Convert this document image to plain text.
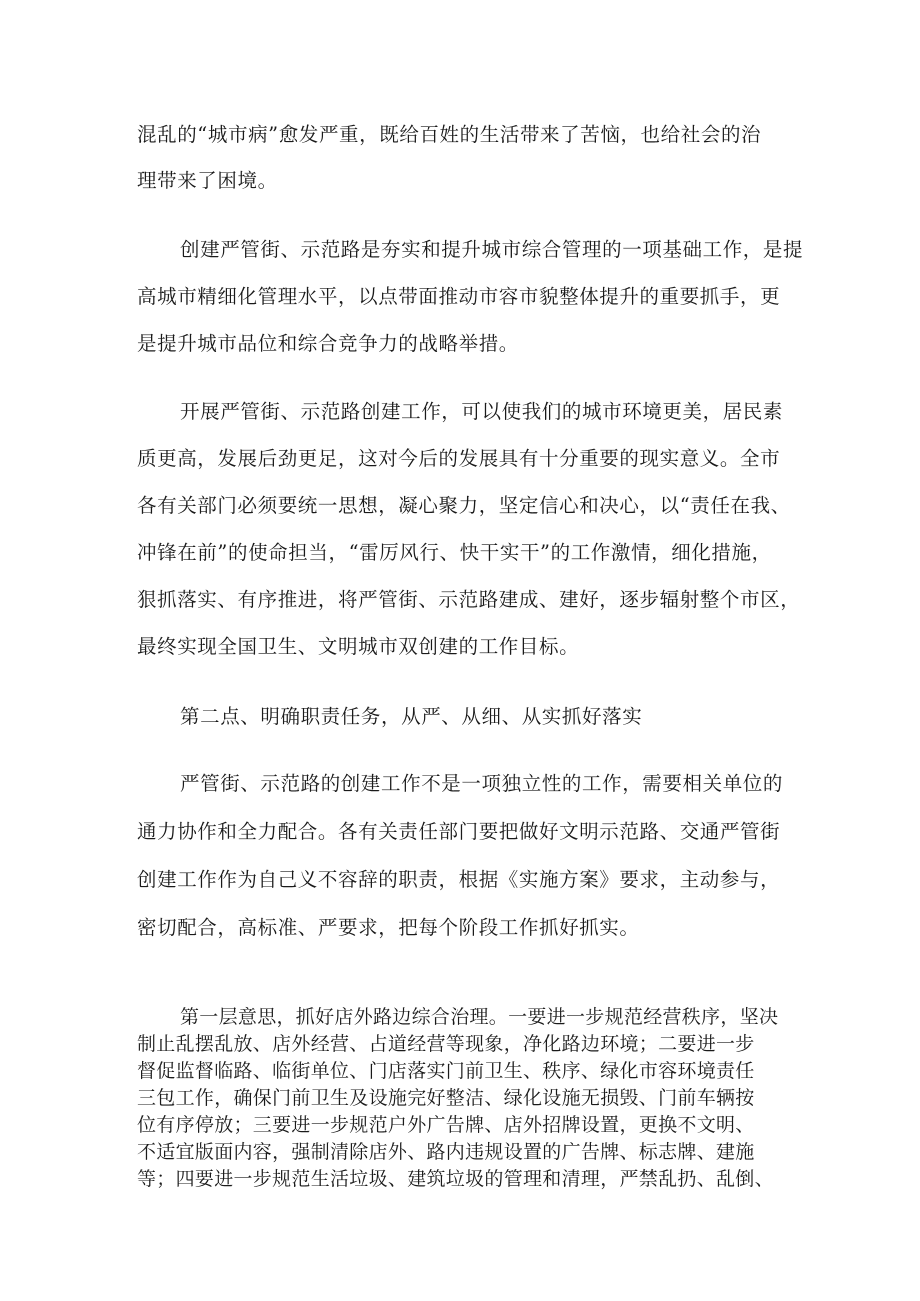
混乱的“城市病”愈发严重，既给百姓的生活带来了苦恼，也给社会的治
理带来了困境。
创建严管街、示范路是夯实和提升城市综合管理的一项基础工作，是提
高城市精细化管理水平，以点带面推动市容市貌整体提升的重要抓手，更
是提升城市品位和综合竞争力的战略举措。
开展严管街、示范路创建工作，可以使我们的城市环境更美，居民素
质更高，发展后劲更足，这对今后的发展具有十分重要的现实意义。全市
各有关部门必须要统一思想，凝心聚力，坚定信心和决心，以“责任在我、
冲锋在前”的使命担当，“雷厉风行、快干实干”的工作激情，细化措施，
狠抓落实、有序推进，将严管街、示范路建成、建好，逐步辐射整个市区，
最终实现全国卫生、文明城市双创建的工作目标。
第二点、明确职责任务，从严、从细、从实抓好落实
严管街、示范路的创建工作不是一项独立性的工作，需要相关单位的
通力协作和全力配合。各有关责任部门要把做好文明示范路、交通严管街
创建工作作为自己义不容辞的职责，根据《实施方案》要求，主动参与，
密切配合，高标准、严要求，把每个阶段工作抓好抓实。
第一层意思，抓好店外路边综合治理。一要进一步规范经营秩序，坚决
制止乱摆乱放、店外经营、占道经营等现象，净化路边环境；二要进一步
督促监督临路、临街单位、门店落实门前卫生、秩序、绿化市容环境责任
三包工作，确保门前卫生及设施完好整洁、绿化设施无损毁、门前车辆按
位有序停放；三要进一步规范户外广告牌、店外招牌设置，更换不文明、
不适宜版面内容，强制清除店外、路内违规设置的广告牌、标志牌、建施
等；四要进一步规范生活垃圾、建筑垃圾的管理和清理，严禁乱扔、乱倒、
